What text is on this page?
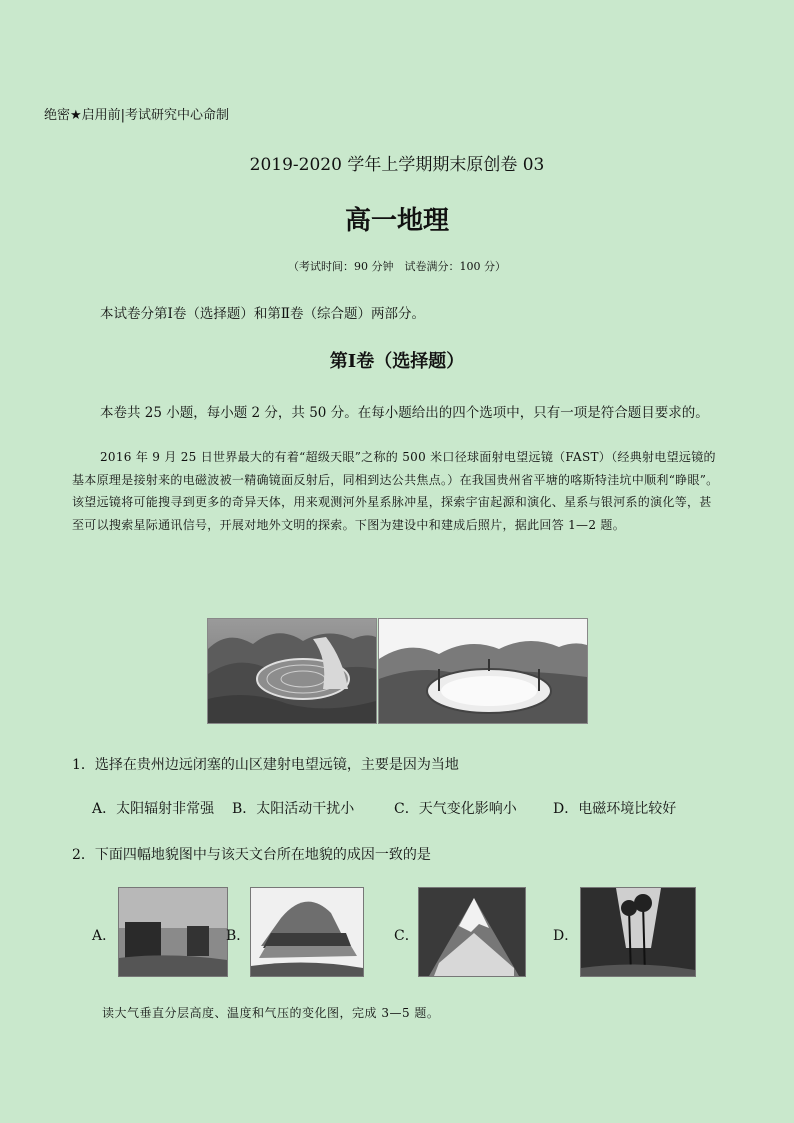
绝密★启用前|考试研究中心命制
2019-2020 学年上学期期末原创卷 03
高一地理
（考试时间：90 分钟　试卷满分：100 分）
本试卷分第Ⅰ卷（选择题）和第Ⅱ卷（综合题）两部分。
第Ⅰ卷（选择题）
本卷共 25 小题，每小题 2 分，共 50 分。在每小题给出的四个选项中，只有一项是符合题目要求的。
2016 年 9 月 25 日世界最大的有着“超级天眼”之称的 500 米口径球面射电望远镜（FAST）（经典射电望远镜的基本原理是接射来的电磁波被一精确镜面反射后，同相到达公共焦点。）在我国贵州省平塘的喀斯特洼坑中顺利“睁眼”。该望远镜将可能搜寻到更多的奇异天体，用来观测河外星系脉冲星，探索宇宙起源和演化、星系与银河系的演化等，甚至可以搜索星际通讯信号，开展对地外文明的探索。下图为建设中和建成后照片，据此回答 1—2 题。
1．选择在贵州边远闭塞的山区建射电望远镜，主要是因为当地
A．太阳辐射非常强 B．太阳活动干扰小	C．天气变化影响小	D．电磁环境比较好
2．下面四幅地貌图中与该天文台所在地貌的成因一致的是
A．	B．	C．	D．
读大气垂直分层高度、温度和气压的变化图，完成 3—5 题。
